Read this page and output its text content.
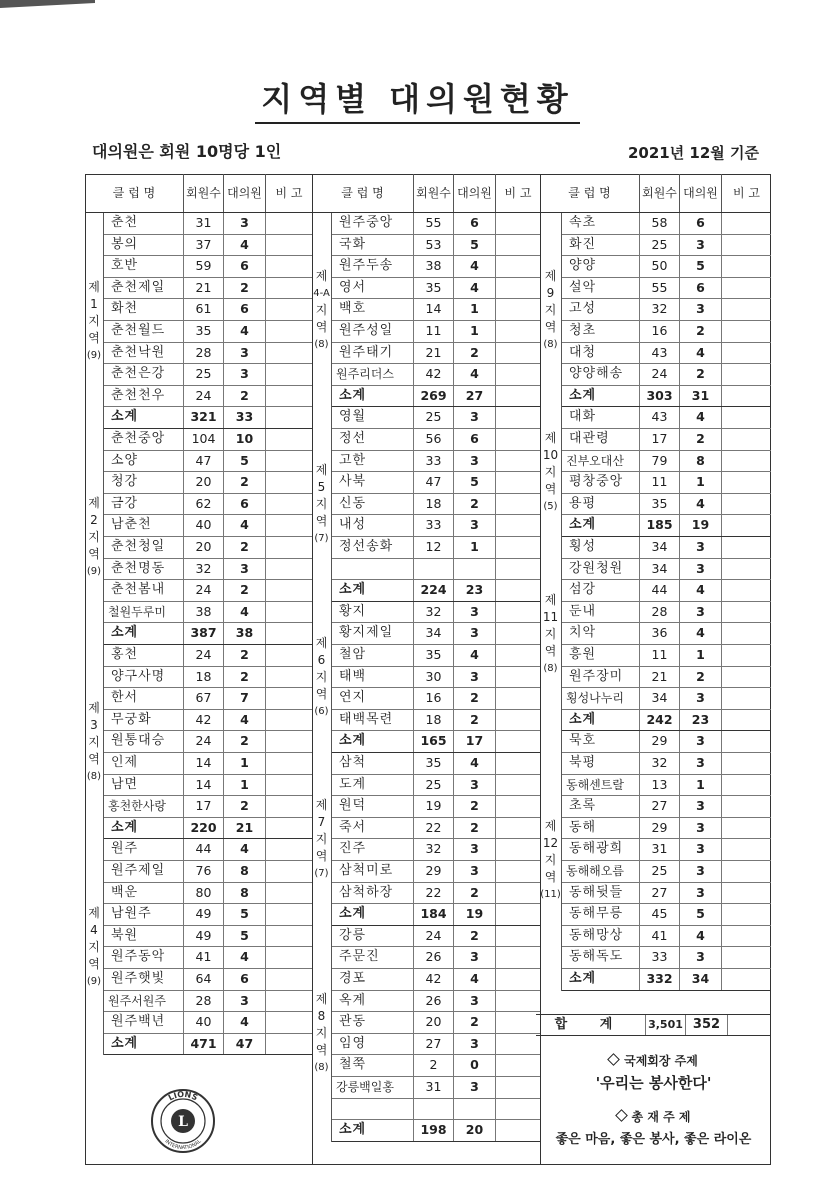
지역별 대의원현황
대의원은 회원 10명당 1인	2021년 12월 기준
클 럽 명	회원수 대의원	비 고
제
1
지
역
(9)
춘천	31	3
봉의	37	4
호반	59	6
춘천제일	21	2
화천	61	6
춘천월드	35	4
춘천낙원	28	3
춘천은강	25	3
춘천천우	24	2
소계	321	33
제
2
지
역
(9)
춘천중앙	104	10
소양	47	5
청강	20	2
금강	62	6
남춘천	40	4
춘천청일	20	2
춘천명동	32	3
춘천봄내	24	2
철원두루미	38	4
소계	387	38
제
3
지
역
(8)
홍천	24	2
양구사명	18	2
한서	67	7
무궁화	42	4
원통대승	24	2
인제	14	1
남면	14	1
홍천한사랑	17	2
소계	220	21
제
4
지
역
(9)
원주	44	4
원주제일	76	8
백운	80	8
남원주	49	5
북원	49	5
원주동악	41	4
원주햇빛	64	6
원주서원주	28	3
원주백년	40	4
소계	471	47
클 럽 명	회원수 대의원	비 고
제
4-A
지
역
(8)
원주중앙	55	6
국화	53	5
원주두송	38	4
영서	35	4
백호	14	1
원주성일	11	1
원주태기	21	2
원주리더스	42	4
소계	269	27
제
5
지
역
(7)
영월	25	3
정선	56	6
고한	33	3
사북	47	5
신동	18	2
내성	33	3
정선송화	12	1
소계	224	23
제
6
지
역
(6)
황지	32	3
황지제일	34	3
철암	35	4
태백	30	3
연지	16	2
태백목련	18	2
소계	165	17
제
7
지
역
(7)
삼척	35	4
도계	25	3
원덕	19	2
죽서	22	2
진주	32	3
삼척미로	29	3
삼척하장	22	2
소계	184	19
제
8
지
역
(8)
강릉	24	2
주문진	26	3
경포	42	4
옥계	26	3
관동	20	2
임영	27	3
철쭉	2	0
강릉백일홍	31	3
소계	198	20
클 럽 명	회원수 대의원	비 고
제
9
지
역
(8)
속초	58	6
화진	25	3
양양	50	5
설악	55	6
고성	32	3
청초	16	2
대청	43	4
양양해송	24	2
소계	303	31
제
10
지
역
(5)
대화	43	4
대관령	17	2
진부오대산	79	8
평창중앙	11	1
용평	35	4
소계	185	19
제
11
지
역
(8)
횡성	34	3
강원청원	34	3
섬강	44	4
둔내	28	3
치악	36	4
흥원	11	1
원주장미	21	2
횡성나누리	34	3
소계	242	23
제
12
지
역
(11)
묵호	29	3
북평	32	3
동해센트랄	13	1
초록	27	3
동해	29	3
동해광희	31	3
동해해오름	25	3
동해뒷들	27	3
동해무릉	45	5
동해망상	41	4
동해독도	33	3
소계	332	34
합 계	3,501 352
국제회장 주제
'우리는 봉사한다'
총 재 주 제
좋은 마음, 좋은 봉사, 좋은 라이온
LIONS
INTERNATIONAL
L
